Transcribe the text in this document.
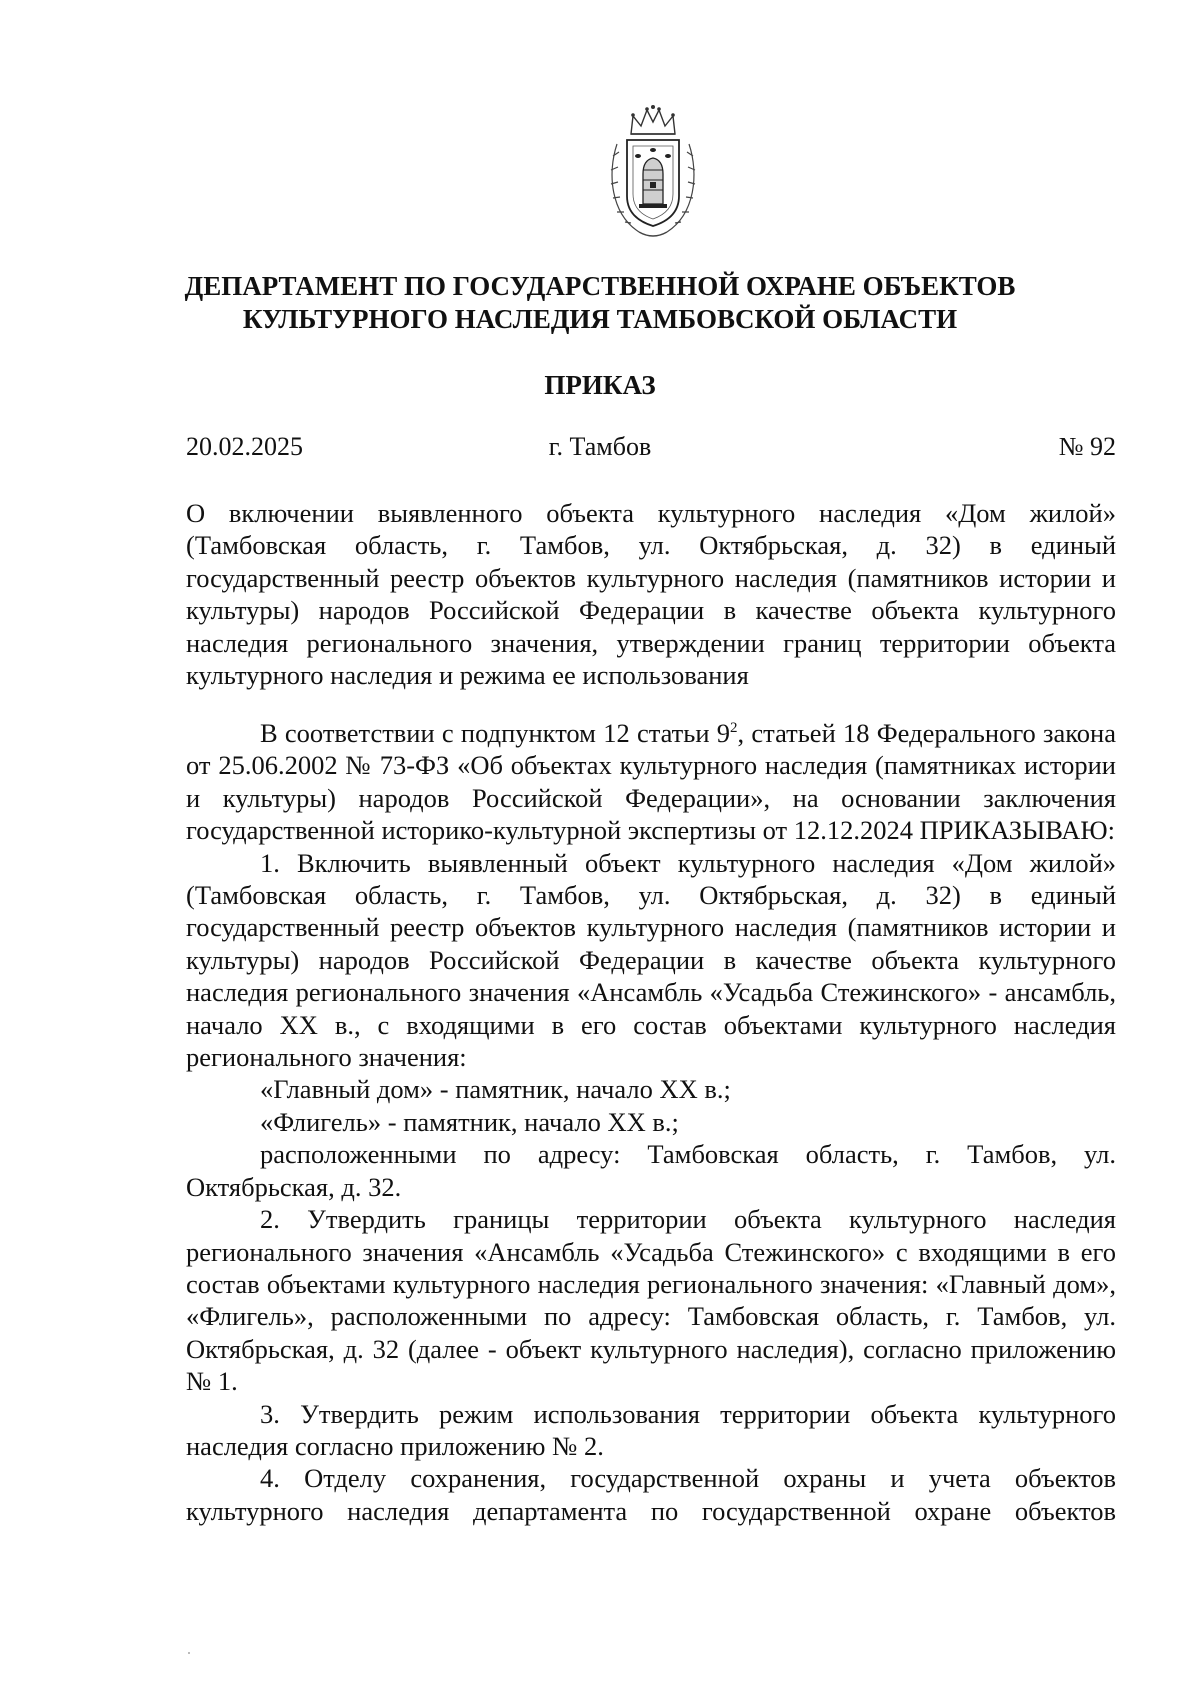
ДЕПАРТАМЕНТ ПО ГОСУДАРСТВЕННОЙ ОХРАНЕ ОБЪЕКТОВ
КУЛЬТУРНОГО НАСЛЕДИЯ ТАМБОВСКОЙ ОБЛАСТИ
ПРИКАЗ
20.02.2025	г. Тамбов	№ 92
О включении выявленного объекта культурного наследия «Дом жилой» (Тамбовская область, г. Тамбов, ул. Октябрьская, д. 32) в единый государственный реестр объектов культурного наследия (памятников истории и культуры) народов Российской Федерации в качестве объекта культурного наследия регионального значения, утверждении границ территории объекта культурного наследия и режима ее использования

В соответствии с подпунктом 12 статьи $9^2$, статьей 18 Федерального закона от 25.06.2002 № 73-ФЗ «Об объектах культурного наследия (памятниках истории и культуры) народов Российской Федерации», на основании заключения государственной историко-культурной экспертизы от 12.12.2024 ПРИКАЗЫВАЮ:

1. Включить выявленный объект культурного наследия «Дом жилой» (Тамбовская область, г. Тамбов, ул. Октябрьская, д. 32) в единый государственный реестр объектов культурного наследия (памятников истории и культуры) народов Российской Федерации в качестве объекта культурного наследия регионального значения «Ансамбль «Усадьба Стежинского» - ансамбль, начало XX в., с входящими в его состав объектами культурного наследия регионального значения:

«Главный дом» - памятник, начало XX в.;

«Флигель» - памятник, начало XX в.;

расположенными по адресу: Тамбовская область, г. Тамбов, ул. Октябрьская, д. 32.

2. Утвердить границы территории объекта культурного наследия регионального значения «Ансамбль «Усадьба Стежинского» с входящими в его состав объектами культурного наследия регионального значения: «Главный дом», «Флигель», расположенными по адресу: Тамбовская область, г. Тамбов, ул. Октябрьская, д. 32 (далее - объект культурного наследия), согласно приложению № 1.

3. Утвердить режим использования территории объекта культурного наследия согласно приложению № 2.

4. Отделу сохранения, государственной охраны и учета объектов культурного наследия департамента по государственной охране объектов
